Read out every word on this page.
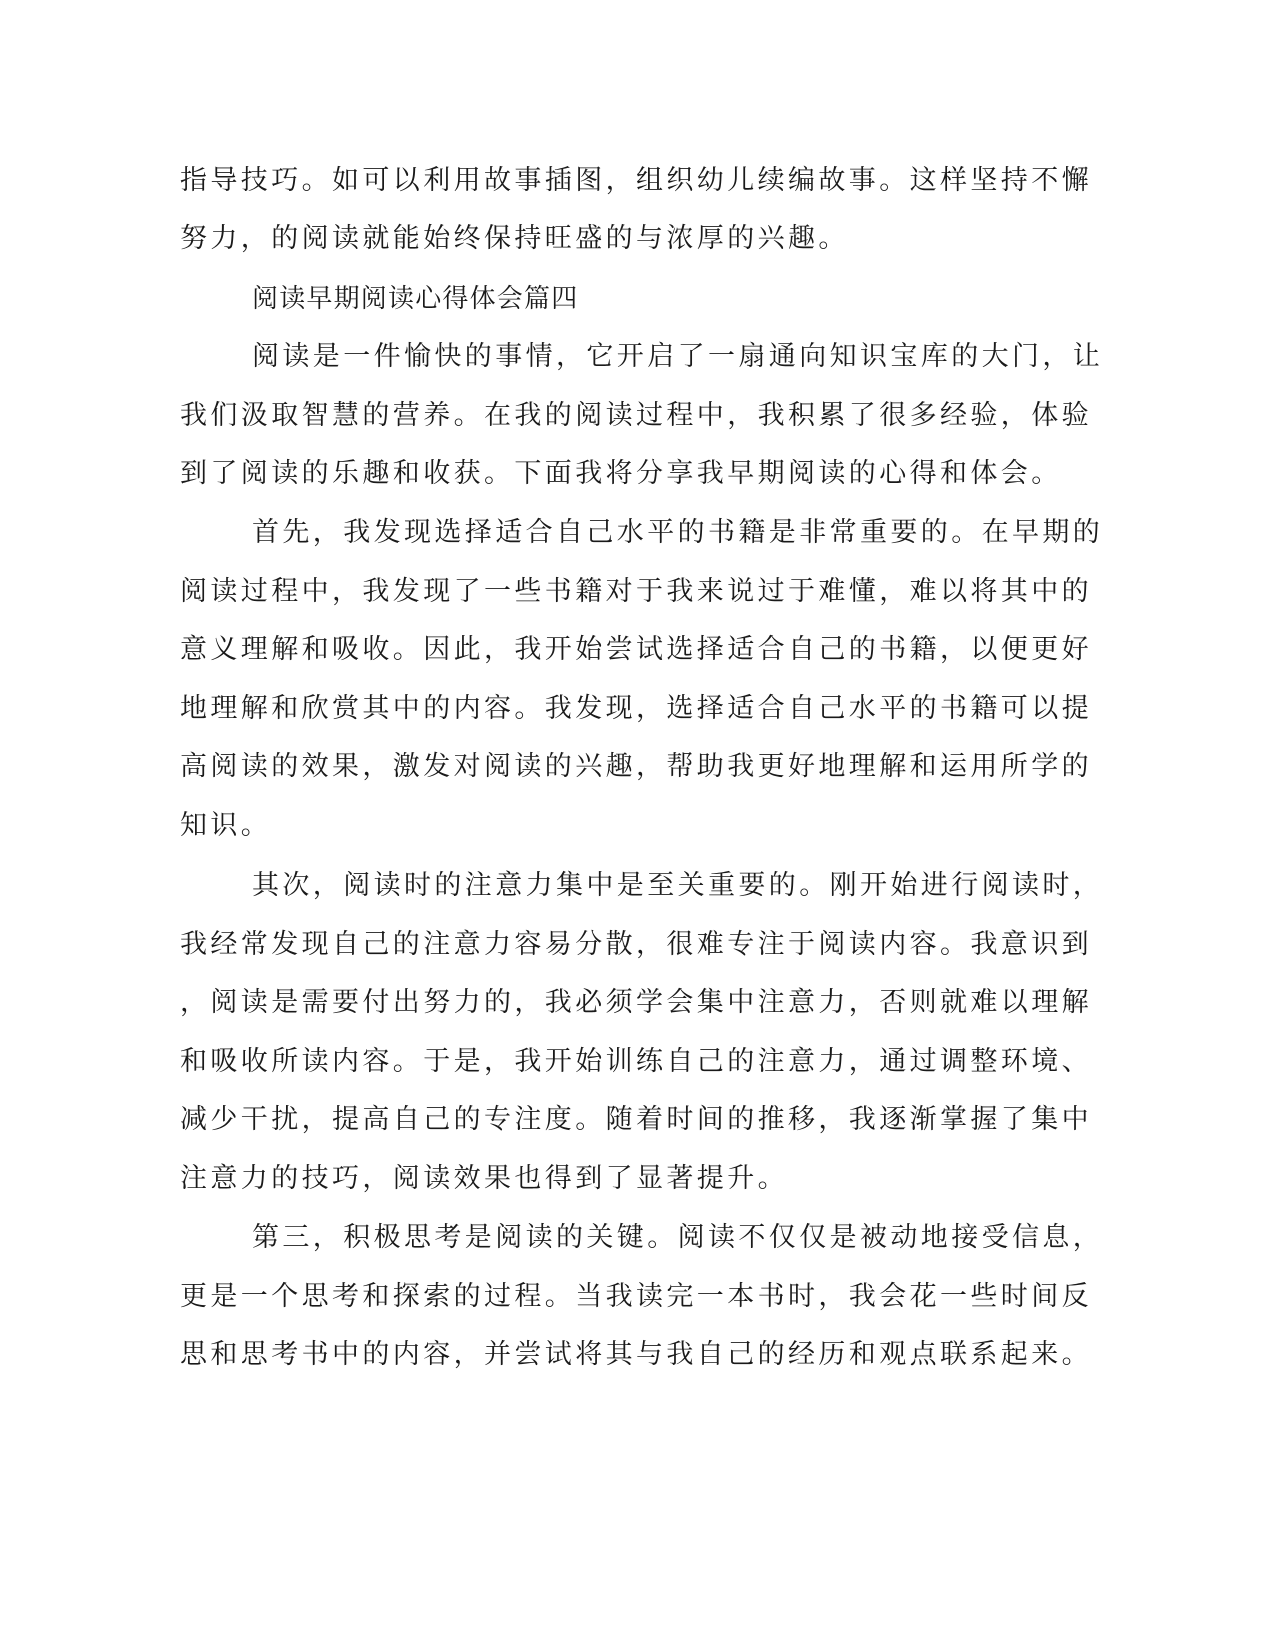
指导技巧。如可以利用故事插图，组织幼儿续编故事。这样坚持不懈
努力，的阅读就能始终保持旺盛的与浓厚的兴趣。
阅读早期阅读心得体会篇四
阅读是一件愉快的事情，它开启了一扇通向知识宝库的大门，让
我们汲取智慧的营养。在我的阅读过程中，我积累了很多经验，体验
到了阅读的乐趣和收获。下面我将分享我早期阅读的心得和体会。
首先，我发现选择适合自己水平的书籍是非常重要的。在早期的
阅读过程中，我发现了一些书籍对于我来说过于难懂，难以将其中的
意义理解和吸收。因此，我开始尝试选择适合自己的书籍，以便更好
地理解和欣赏其中的内容。我发现，选择适合自己水平的书籍可以提
高阅读的效果，激发对阅读的兴趣，帮助我更好地理解和运用所学的
知识。
其次，阅读时的注意力集中是至关重要的。刚开始进行阅读时，
我经常发现自己的注意力容易分散，很难专注于阅读内容。我意识到
，阅读是需要付出努力的，我必须学会集中注意力，否则就难以理解
和吸收所读内容。于是，我开始训练自己的注意力，通过调整环境、
减少干扰，提高自己的专注度。随着时间的推移，我逐渐掌握了集中
注意力的技巧，阅读效果也得到了显著提升。
第三，积极思考是阅读的关键。阅读不仅仅是被动地接受信息，
更是一个思考和探索的过程。当我读完一本书时，我会花一些时间反
思和思考书中的内容，并尝试将其与我自己的经历和观点联系起来。
